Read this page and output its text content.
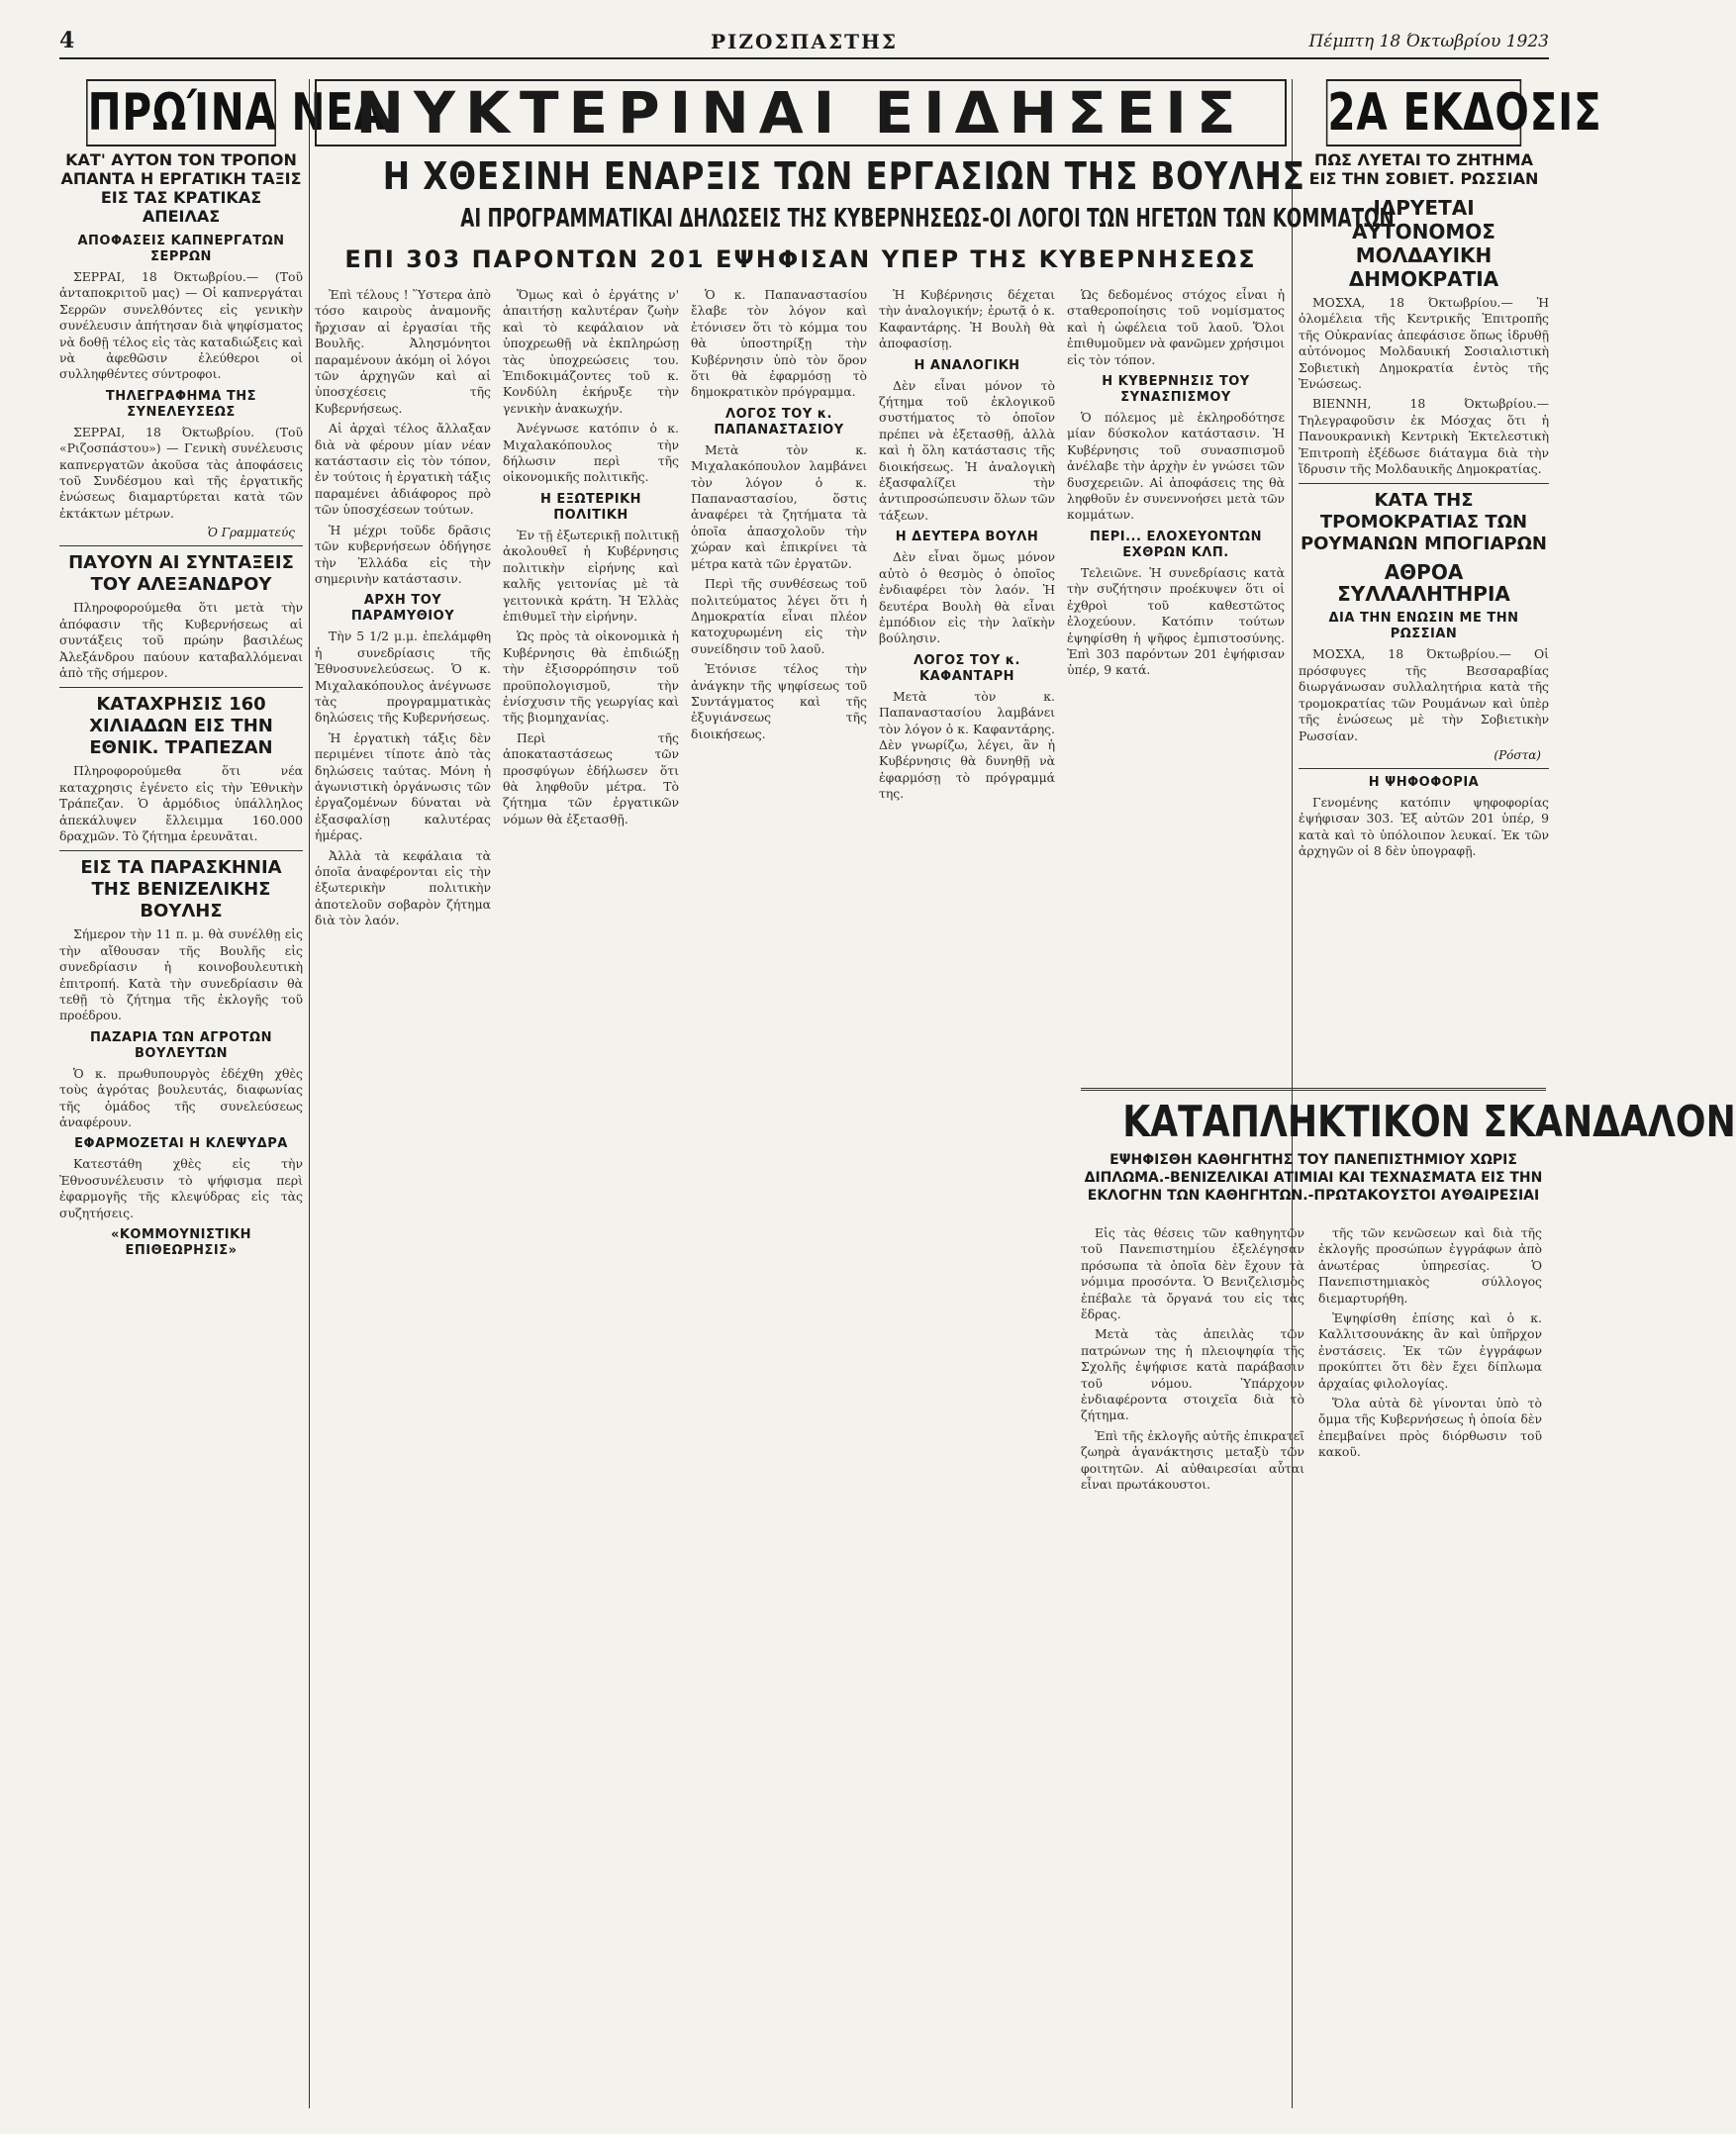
4	ΡΙΖΟΣΠΑΣΤΗΣ	Πέμπτη 18 Όκτωβρίου 1923
ΠΡΩΊΝΑ ΝΕΑ
ΚΑΤ' ΑΥΤΟΝ ΤΟΝ ΤΡΟΠΟΝ ΑΠΑΝΤΑ Η ΕΡΓΑΤΙΚΗ ΤΑΞΙΣ ΕΙΣ ΤΑΣ ΚΡΑΤΙΚΑΣ ΑΠΕΙΛΑΣ
ΑΠΟΦΑΣΕΙΣ ΚΑΠΝΕΡΓΑΤΩΝ ΣΕΡΡΩΝ

ΣΕΡΡΑΙ, 18 Όκτωβρίου.— (Τοῦ ἀνταποκριτοῦ μας) — Οἱ καπνεργάται Σερρῶν συνελθόντες εἰς γενικὴν συνέλευσιν ἀπήτησαν διὰ ψηφίσματος νὰ δοθῇ τέλος εἰς τὰς καταδιώξεις καὶ νὰ ἀφεθῶσιν ἐλεύθεροι οἱ συλληφθέντες σύντροφοι.

ΤΗΛΕΓΡΑΦΗΜΑ ΤΗΣ ΣΥΝΕΛΕΥΣΕΩΣ

ΣΕΡΡΑΙ, 18 Όκτωβρίου. (Τοῦ «Ριζοσπάστου») — Γενικὴ συνέλευσις καπνεργατῶν ἀκοῦσα τὰς ἀποφάσεις τοῦ Συνδέσμου καὶ τῆς ἐργατικῆς ἑνώσεως διαμαρτύρεται κατὰ τῶν ἐκτάκτων μέτρων.

Ὁ Γραμματεύς
ΠΑΥΟΥΝ ΑΙ ΣΥΝΤΑΞΕΙΣ ΤΟΥ ΑΛΕΞΑΝΔΡΟΥ

Πληροφορούμεθα ὅτι μετὰ τὴν ἀπόφασιν τῆς Κυβερνήσεως αἱ συντάξεις τοῦ πρώην βασιλέως Ἀλεξάνδρου παύουν καταβαλλόμεναι ἀπὸ τῆς σήμερον.

ΚΑΤΑΧΡΗΣΙΣ 160 ΧΙΛΙΑΔΩΝ ΕΙΣ ΤΗΝ ΕΘΝΙΚ. ΤΡΑΠΕΖΑΝ

Πληροφορούμεθα ὅτι νέα καταχρησις ἐγένετο εἰς τὴν Ἐθνικὴν Τράπεζαν. Ὁ ἀρμόδιος ὑπάλληλος ἀπεκάλυψεν ἔλλειμμα 160.000 δραχμῶν. Τὸ ζήτημα ἐρευνᾶται.

ΕΙΣ ΤΑ ΠΑΡΑΣΚΗΝΙΑ ΤΗΣ ΒΕΝΙΖΕΛΙΚΗΣ ΒΟΥΛΗΣ

Σήμερον τὴν 11 π. μ. θὰ συνέλθῃ εἰς τὴν αἴθουσαν τῆς Βουλῆς εἰς συνεδρίασιν ἡ κοινοβουλευτικὴ ἐπιτροπή. Κατὰ τὴν συνεδρίασιν θὰ τεθῇ τὸ ζήτημα τῆς ἐκλογῆς τοῦ προέδρου.

ΠΑΖΑΡΙΑ ΤΩΝ ΑΓΡΟΤΩΝ ΒΟΥΛΕΥΤΩΝ

Ὁ κ. πρωθυπουργὸς ἐδέχθη χθὲς τοὺς ἀγρότας βουλευτάς, διαφωνίας τῆς ὁμάδος τῆς συνελεύσεως ἀναφέρουν.

ΕΦΑΡΜΟΖΕΤΑΙ Η ΚΛΕΨΥΔΡΑ

Κατεστάθη χθὲς εἰς τὴν Ἐθνοσυνέλευσιν τὸ ψήφισμα περὶ ἐφαρμογῆς τῆς κλεψύδρας εἰς τὰς συζητήσεις.

«ΚΟΜΜΟΥΝΙΣΤΙΚΗ ΕΠΙΘΕΩΡΗΣΙΣ»
ΝΥΚΤΕΡΙΝΑΙ ΕΙΔΗΣΕΙΣ
Η ΧΘΕΣΙΝΗ ΕΝΑΡΞΙΣ ΤΩΝ ΕΡΓΑΣΙΩΝ ΤΗΣ ΒΟΥΛΗΣ
ΑΙ ΠΡΟΓΡΑΜΜΑΤΙΚΑΙ ΔΗΛΩΣΕΙΣ ΤΗΣ ΚΥΒΕΡΝΗΣΕΩΣ-ΟΙ ΛΟΓΟΙ ΤΩΝ ΗΓΕΤΩΝ ΤΩΝ ΚΟΜΜΑΤΩΝ
ΕΠΙ 303 ΠΑΡΟΝΤΩΝ 201 ΕΨΗΦΙΣΑΝ ΥΠΕΡ ΤΗΣ ΚΥΒΕΡΝΗΣΕΩΣ

Ἐπὶ τέλους ! Ὕστερα ἀπὸ τόσο καιροὺς ἀναμονῆς ἤρχισαν αἱ ἐργασίαι τῆς Βουλῆς. Ἀλησμόνητοι παραμένουν ἀκόμη οἱ λόγοι τῶν ἀρχηγῶν καὶ αἱ ὑποσχέσεις τῆς Κυβερνήσεως.

Αἱ ἀρχαὶ τέλος ἄλλαξαν διὰ νὰ φέρουν μίαν νέαν κατάστασιν εἰς τὸν τόπον, ἐν τούτοις ἡ ἐργατικὴ τάξις παραμένει ἀδιάφορος πρὸ τῶν ὑποσχέσεων τούτων.

Ἡ μέχρι τοῦδε δρᾶσις τῶν κυβερνήσεων ὁδήγησε τὴν Ἑλλάδα εἰς τὴν σημερινὴν κατάστασιν.

ΑΡΧΗ ΤΟΥ ΠΑΡΑΜΥΘΙΟΥ

Τὴν 5 1/2 μ.μ. ἐπελάμφθη ἡ συνεδρίασις τῆς Ἐθνοσυνελεύσεως. Ὁ κ. Μιχαλακόπουλος ἀνέγνωσε τὰς προγραμματικὰς δηλώσεις τῆς Κυβερνήσεως.

Ἡ ἐργατικὴ τάξις δὲν περιμένει τίποτε ἀπὸ τὰς δηλώσεις ταύτας. Μόνη ἡ ἀγωνιστικὴ ὀργάνωσις τῶν ἐργαζομένων δύναται νὰ ἐξασφαλίσῃ καλυτέρας ἡμέρας.

Ἀλλὰ τὰ κεφάλαια τὰ ὁποῖα ἀναφέρονται εἰς τὴν ἐξωτερικὴν πολιτικὴν ἀποτελοῦν σοβαρὸν ζήτημα διὰ τὸν λαόν.

Ὅμως καὶ ὁ ἐργάτης ν' ἀπαιτήσῃ καλυτέραν ζωὴν καὶ τὸ κεφάλαιον νὰ ὑποχρεωθῇ νὰ ἐκπληρώσῃ τὰς ὑποχρεώσεις του. Ἐπιδοκιμάζοντες τοῦ κ. Κονδύλη ἐκήρυξε τὴν γενικὴν ἀνακωχήν.

Ἀνέγνωσε κατόπιν ὁ κ. Μιχαλακόπουλος τὴν δήλωσιν περὶ τῆς οἰκονομικῆς πολιτικῆς.

Η ΕΞΩΤΕΡΙΚΗ ΠΟΛΙΤΙΚΗ

Ἐν τῇ ἐξωτερικῇ πολιτικῇ ἀκολουθεῖ ἡ Κυβέρνησις πολιτικὴν εἰρήνης καὶ καλῆς γειτονίας μὲ τὰ γειτονικὰ κράτη. Ἡ Ἑλλὰς ἐπιθυμεῖ τὴν εἰρήνην.

Ὡς πρὸς τὰ οἰκονομικὰ ἡ Κυβέρνησις θὰ ἐπιδιώξῃ τὴν ἐξισορρόπησιν τοῦ προϋπολογισμοῦ, τὴν ἐνίσχυσιν τῆς γεωργίας καὶ τῆς βιομηχανίας.

Περὶ τῆς ἀποκαταστάσεως τῶν προσφύγων ἐδήλωσεν ὅτι θὰ ληφθοῦν μέτρα. Τὸ ζήτημα τῶν ἐργατικῶν νόμων θὰ ἐξετασθῇ.

Ὁ κ. Παπαναστασίου ἔλαβε τὸν λόγον καὶ ἐτόνισεν ὅτι τὸ κόμμα του θὰ ὑποστηρίξῃ τὴν Κυβέρνησιν ὑπὸ τὸν ὅρον ὅτι θὰ ἐφαρμόσῃ τὸ δημοκρατικὸν πρόγραμμα.

ΛΟΓΟΣ ΤΟΥ κ. ΠΑΠΑΝΑΣΤΑΣΙΟΥ

Μετὰ τὸν κ. Μιχαλακόπουλον λαμβάνει τὸν λόγον ὁ κ. Παπαναστασίου, ὅστις ἀναφέρει τὰ ζητήματα τὰ ὁποῖα ἀπασχολοῦν τὴν χώραν καὶ ἐπικρίνει τὰ μέτρα κατὰ τῶν ἐργατῶν.

Περὶ τῆς συνθέσεως τοῦ πολιτεύματος λέγει ὅτι ἡ Δημοκρατία εἶναι πλέον κατοχυρωμένη εἰς τὴν συνείδησιν τοῦ λαοῦ.

Ἐτόνισε τέλος τὴν ἀνάγκην τῆς ψηφίσεως τοῦ Συντάγματος καὶ τῆς ἐξυγιάνσεως τῆς διοικήσεως.

Ἡ Κυβέρνησις δέχεται τὴν ἀναλογικήν; ἐρωτᾷ ὁ κ. Καφαντάρης. Ἡ Βουλὴ θὰ ἀποφασίσῃ.

Η ΑΝΑΛΟΓΙΚΗ

Δὲν εἶναι μόνον τὸ ζήτημα τοῦ ἐκλογικοῦ συστήματος τὸ ὁποῖον πρέπει νὰ ἐξετασθῇ, ἀλλὰ καὶ ἡ ὅλη κατάστασις τῆς διοικήσεως. Ἡ ἀναλογικὴ ἐξασφαλίζει τὴν ἀντιπροσώπευσιν ὅλων τῶν τάξεων.

Η ΔΕΥΤΕΡΑ ΒΟΥΛΗ

Δὲν εἶναι ὅμως μόνον αὐτὸ ὁ θεσμὸς ὁ ὁποῖος ἐνδιαφέρει τὸν λαόν. Ἡ δευτέρα Βουλὴ θὰ εἶναι ἐμπόδιον εἰς τὴν λαϊκὴν βούλησιν.

ΛΟΓΟΣ ΤΟΥ κ. ΚΑΦΑΝΤΑΡΗ

Μετὰ τὸν κ. Παπαναστασίου λαμβάνει τὸν λόγον ὁ κ. Καφαντάρης. Δὲν γνωρίζω, λέγει, ἂν ἡ Κυβέρνησις θὰ δυνηθῇ νὰ ἐφαρμόσῃ τὸ πρόγραμμά της.

Ὡς δεδομένος στόχος εἶναι ἡ σταθεροποίησις τοῦ νομίσματος καὶ ἡ ὠφέλεια τοῦ λαοῦ. Ὅλοι ἐπιθυμοῦμεν νὰ φανῶμεν χρήσιμοι εἰς τὸν τόπον.

Η ΚΥΒΕΡΝΗΣΙΣ ΤΟΥ ΣΥΝΑΣΠΙΣΜΟΥ

Ὁ πόλεμος μὲ ἐκληροδότησε μίαν δύσκολον κατάστασιν. Ἡ Κυβέρνησις τοῦ συνασπισμοῦ ἀνέλαβε τὴν ἀρχὴν ἐν γνώσει τῶν δυσχερειῶν. Αἱ ἀποφάσεις της θὰ ληφθοῦν ἐν συνεννοήσει μετὰ τῶν κομμάτων.

ΠΕΡΙ... ΕΛΟΧΕΥΟΝΤΩΝ ΕΧΘΡΩΝ ΚΛΠ.

Τελειῶνε. Ἡ συνεδρίασις κατὰ τὴν συζήτησιν προέκυψεν ὅτι οἱ ἐχθροὶ τοῦ καθεστῶτος ἐλοχεύουν. Κατόπιν τούτων ἐψηφίσθη ἡ ψῆφος ἐμπιστοσύνης. Ἐπὶ 303 παρόντων 201 ἐψήφισαν ὑπέρ, 9 κατά.

2Α ΕΚΔΟΣΙΣ
ΠΩΣ ΛΥΕΤΑΙ ΤΟ ΖΗΤΗΜΑ ΕΙΣ ΤΗΝ ΣΟΒΙΕΤ. ΡΩΣΣΙΑΝ
ΙΔΡΥΕΤΑΙ ΑΥΤΟΝΟΜΟΣ ΜΟΛΔΑΥΙΚΗ ΔΗΜΟΚΡΑΤΙΑ

ΜΟΣΧΑ, 18 Όκτωβρίου.— Ἡ ὁλομέλεια τῆς Κεντρικῆς Ἐπιτροπῆς τῆς Οὐκρανίας ἀπεφάσισε ὅπως ἱδρυθῇ αὐτόνομος Μολδαυική Σοσιαλιστικὴ Σοβιετικὴ Δημοκρατία ἐντὸς τῆς Ἑνώσεως.

ΒΙΕΝΝΗ, 18 Όκτωβρίου.— Τηλεγραφοῦσιν ἐκ Μόσχας ὅτι ἡ Πανουκρανικὴ Κεντρικὴ Ἐκτελεστικὴ Ἐπιτροπὴ ἐξέδωσε διάταγμα διὰ τὴν ἵδρυσιν τῆς Μολδαυικῆς Δημοκρατίας.

ΚΑΤΑ ΤΗΣ ΤΡΟΜΟΚΡΑΤΙΑΣ ΤΩΝ ΡΟΥΜΑΝΩΝ ΜΠΟΓΙΑΡΩΝ
ΑΘΡΟΑ ΣΥΛΛΑΛΗΤΗΡΙΑ
ΔΙΑ ΤΗΝ ΕΝΩΣΙΝ ΜΕ ΤΗΝ ΡΩΣΣΙΑΝ

ΜΟΣΧΑ, 18 Όκτωβρίου.— Οἱ πρόσφυγες τῆς Βεσσαραβίας διωργάνωσαν συλλαλητήρια κατὰ τῆς τρομοκρατίας τῶν Ρουμάνων καὶ ὑπὲρ τῆς ἑνώσεως μὲ τὴν Σοβιετικὴν Ρωσσίαν.

(Ρόστα)
Η ΨΗΦΟΦΟΡΙΑ

Γενομένης κατόπιν ψηφοφορίας ἐψήφισαν 303. Ἐξ αὐτῶν 201 ὑπέρ, 9 κατὰ καὶ τὸ ὑπόλοιπον λευκαί. Ἐκ τῶν ἀρχηγῶν οἱ 8 δὲν ὑπογραφῇ.

ΚΑΤΑΠΛΗΚΤΙΚΟΝ ΣΚΑΝΔΑΛΟΝ
ΕΨΗΦΙΣΘΗ ΚΑΘΗΓΗΤΗΣ ΤΟΥ ΠΑΝΕΠΙΣΤΗΜΙΟΥ ΧΩΡΙΣ ΔΙΠΛΩΜΑ.-ΒΕΝΙΖΕΛΙΚΑΙ ΑΤΙΜΙΑΙ ΚΑΙ ΤΕΧΝΑΣΜΑΤΑ ΕΙΣ ΤΗΝ ΕΚΛΟΓΗΝ ΤΩΝ ΚΑΘΗΓΗΤΩΝ.-ΠΡΩΤΑΚΟΥΣΤΟΙ ΑΥΘΑΙΡΕΣΙΑΙ

Εἰς τὰς θέσεις τῶν καθηγητῶν τοῦ Πανεπιστημίου ἐξελέγησαν πρόσωπα τὰ ὁποῖα δὲν ἔχουν τὰ νόμιμα προσόντα. Ὁ Βενιζελισμὸς ἐπέβαλε τὰ ὄργανά του εἰς τὰς ἕδρας.

Μετὰ τὰς ἀπειλὰς τῶν πατρώνων της ἡ πλειοψηφία τῆς Σχολῆς ἐψήφισε κατὰ παράβασιν τοῦ νόμου. Ὑπάρχουν ἐνδιαφέροντα στοιχεῖα διὰ τὸ ζήτημα.

Ἐπὶ τῆς ἐκλογῆς αὐτῆς ἐπικρατεῖ ζωηρὰ ἀγανάκτησις μεταξὺ τῶν φοιτητῶν. Αἱ αὐθαιρεσίαι αὗται εἶναι πρωτάκουστοι.

τῆς τῶν κενῶσεων καὶ διὰ τῆς ἐκλογῆς προσώπων ἐγγράφων ἀπὸ ἀνωτέρας ὑπηρεσίας. Ὁ Πανεπιστημιακὸς σύλλογος διεμαρτυρήθη.

Ἐψηφίσθη ἐπίσης καὶ ὁ κ. Καλλιτσουνάκης ἂν καὶ ὑπῆρχον ἐνστάσεις. Ἐκ τῶν ἐγγράφων προκύπτει ὅτι δὲν ἔχει δίπλωμα ἀρχαίας φιλολογίας.

Ὅλα αὐτὰ δὲ γίνονται ὑπὸ τὸ ὄμμα τῆς Κυβερνήσεως ἡ ὁποία δὲν ἐπεμβαίνει πρὸς διόρθωσιν τοῦ κακοῦ.
